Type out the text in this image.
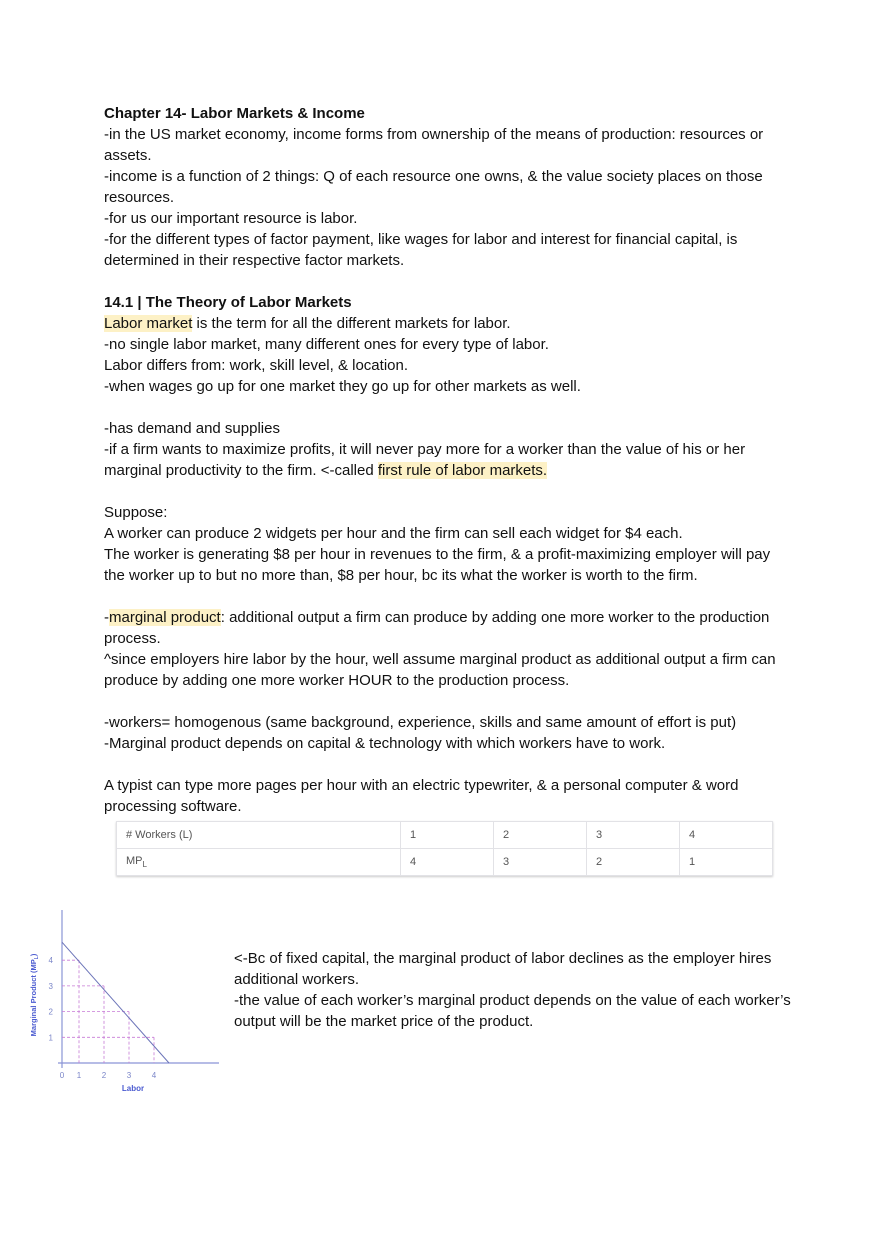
Chapter 14- Labor Markets & Income

-in the US market economy, income forms from ownership of the means of production: resources or assets.

-income is a function of 2 things: Q of each resource one owns, & the value society places on those resources.

-for us our important resource is labor.

-for the different types of factor payment, like wages for labor and interest for financial capital, is determined in their respective factor markets.

14.1 | The Theory of Labor Markets

Labor market is the term for all the different markets for labor.

-no single labor market, many different ones for every type of labor.

Labor differs from: work, skill level, & location.

-when wages go up for one market they go up for other markets as well.

-has demand and supplies

-if a firm wants to maximize profits, it will never pay more for a worker than the value of his or her marginal productivity to the firm. <-called first rule of labor markets.

Suppose:

A worker can produce 2 widgets per hour and the firm can sell each widget for $4 each.

The worker is generating $8 per hour in revenues to the firm, & a profit-maximizing employer will pay the worker up to but no more than, $8 per hour, bc its what the worker is worth to the firm.

-marginal product: additional output a firm can produce by adding one more worker to the production process.

^since employers hire labor by the hour, well assume marginal product as additional output a firm can produce by adding one more worker HOUR to the production process.

-workers= homogenous (same background, experience, skills and same amount of effort is put)

-Marginal product depends on capital & technology with which workers have to work.

A typist can type more pages per hour with an electric typewriter, & a personal computer & word processing software.

# Workers (L)	1	2	3	4
$MP_L$	4	3	2	1
0 1	2	3	4
1
2
3
4
Labor
Marginal Product $(MP_L)$	<-Bc of fixed capital, the marginal product of labor declines as the employer hires additional workers.

-the value of each worker’s marginal product depends on the value of each worker’s output will be the market price of the product.
